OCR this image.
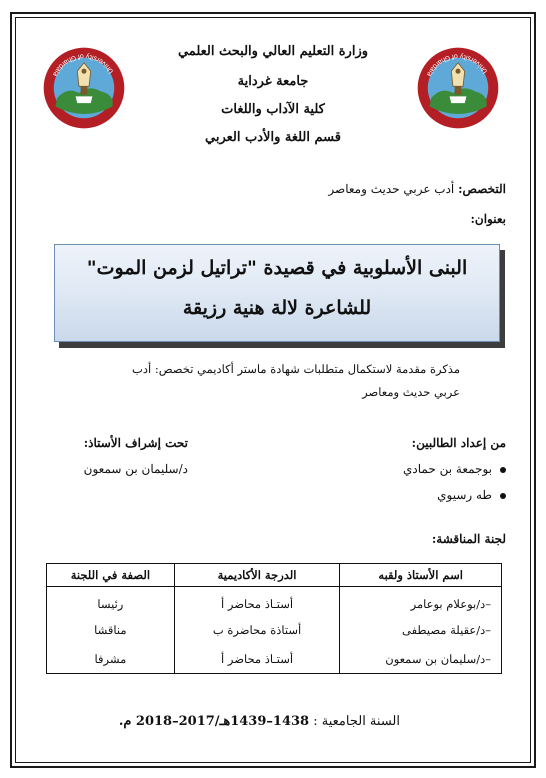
وزارة التعليم العالي والبحث العلمي
جامعة غرداية
كلية الآداب واللغات
قسم اللغة والأدب العربي
University of Ghardaia	University of Ghardaia
التخصص: أدب عربي حديث ومعاصر
بعنوان:
البنى الأسلوبية في قصيدة "تراتيل لزمن الموت"
للشاعرة لالة هنية رزيقة
مذكرة مقدمة لاستكمال متطلبات شهادة ماستر أكاديمي تخصص: أدب
عربي حديث ومعاصر
من إعداد الطالبين:
بوجمعة بن حمادي
طه رسيوي
تحت إشراف الأستاذ:
د/سليمان بن سمعون
لجنة المناقشة:
اسم الأستاذ ولقبه	الدرجة الأكاديمية	الصفة في اللجنة
–د/بوعلام بوعامر	أستـاذ محاضر أ	رئيسا
–د/عقيلة مصيطفى	أستاذة محاضرة ب	مناقشا
–د/سليمان بن سمعون	أستـاذ محاضر أ	مشرفا
السنة الجامعية : 1438–1439هـ/2017–2018 م.
